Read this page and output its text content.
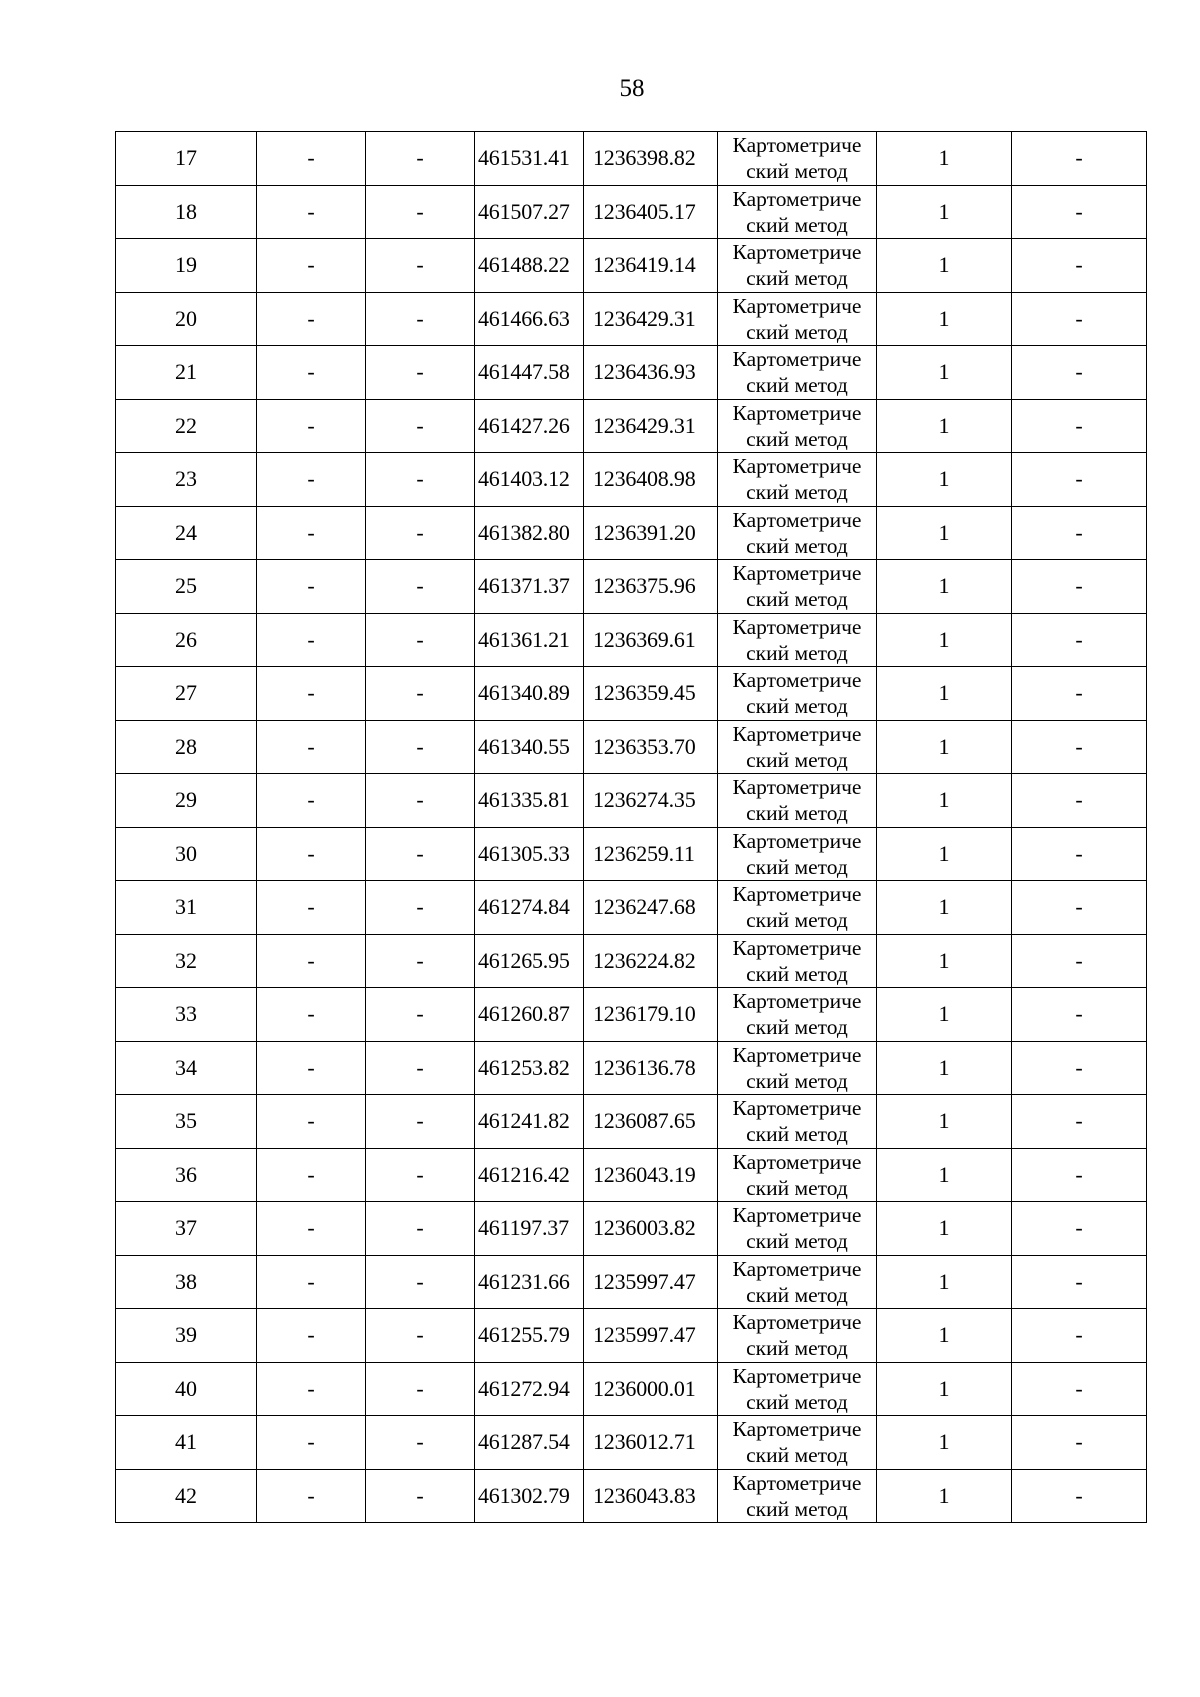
58
17	-	-	461531.41	1236398.82	Картометриче
ский метод	1	-
18	-	-	461507.27	1236405.17	Картометриче
ский метод	1	-
19	-	-	461488.22	1236419.14	Картометриче
ский метод	1	-
20	-	-	461466.63	1236429.31	Картометриче
ский метод	1	-
21	-	-	461447.58	1236436.93	Картометриче
ский метод	1	-
22	-	-	461427.26	1236429.31	Картометриче
ский метод	1	-
23	-	-	461403.12	1236408.98	Картометриче
ский метод	1	-
24	-	-	461382.80	1236391.20	Картометриче
ский метод	1	-
25	-	-	461371.37	1236375.96	Картометриче
ский метод	1	-
26	-	-	461361.21	1236369.61	Картометриче
ский метод	1	-
27	-	-	461340.89	1236359.45	Картометриче
ский метод	1	-
28	-	-	461340.55	1236353.70	Картометриче
ский метод	1	-
29	-	-	461335.81	1236274.35	Картометриче
ский метод	1	-
30	-	-	461305.33	1236259.11	Картометриче
ский метод	1	-
31	-	-	461274.84	1236247.68	Картометриче
ский метод	1	-
32	-	-	461265.95	1236224.82	Картометриче
ский метод	1	-
33	-	-	461260.87	1236179.10	Картометриче
ский метод	1	-
34	-	-	461253.82	1236136.78	Картометриче
ский метод	1	-
35	-	-	461241.82	1236087.65	Картометриче
ский метод	1	-
36	-	-	461216.42	1236043.19	Картометриче
ский метод	1	-
37	-	-	461197.37	1236003.82	Картометриче
ский метод	1	-
38	-	-	461231.66	1235997.47	Картометриче
ский метод	1	-
39	-	-	461255.79	1235997.47	Картометриче
ский метод	1	-
40	-	-	461272.94	1236000.01	Картометриче
ский метод	1	-
41	-	-	461287.54	1236012.71	Картометриче
ский метод	1	-
42	-	-	461302.79	1236043.83	Картометриче
ский метод	1	-
